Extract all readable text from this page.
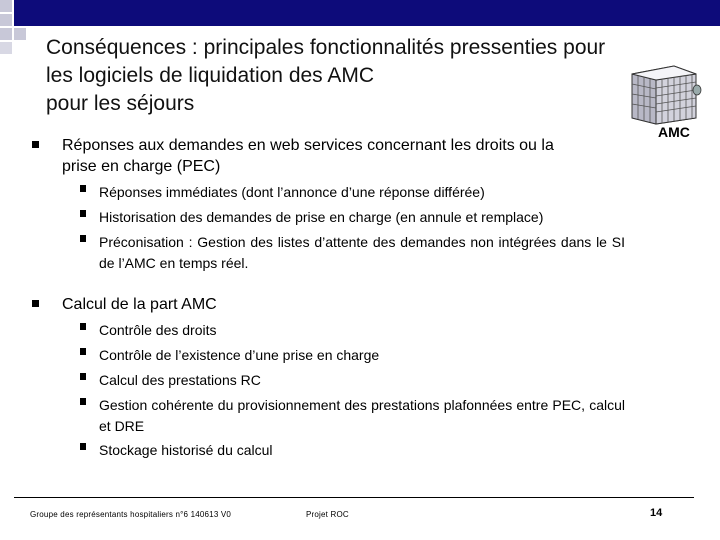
Conséquences : principales fonctionnalités pressenties pour
les logiciels de liquidation des AMC
pour les séjours
AMC
Réponses aux demandes en web services concernant les droits ou la
prise en charge (PEC)
Réponses immédiates (dont l’annonce d’une réponse différée)
Historisation des demandes de prise en charge (en annule et remplace)
Préconisation : Gestion des listes d’attente des demandes non intégrées dans le SI de l’AMC en temps réel.
Calcul de la part AMC
Contrôle des droits
Contrôle de l’existence d’une prise en charge
Calcul des prestations RC
Gestion cohérente du provisionnement des prestations plafonnées entre PEC, calcul et DRE
Stockage historisé du calcul
Groupe des représentants hospitaliers n°6 140613 V0	Projet ROC	14
